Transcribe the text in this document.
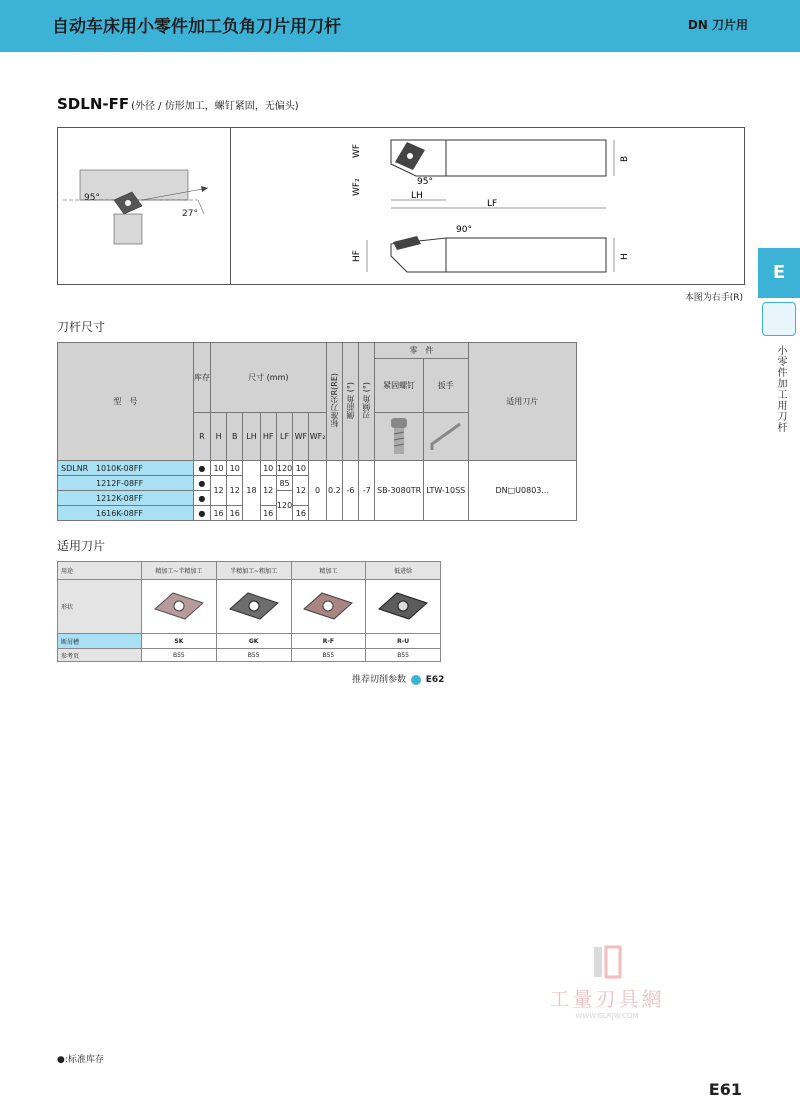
自动车床用小零件加工负角刀片用刀杆	DN 刀片用
SDLN-FF (外径 / 仿形加工，螺钉紧固，无偏头)
95°
27°
WF
WF₂	95°
LH
LF
B
HF	H
90°
本图为右手(R)
E
小零件加工用刀杆
刀杆尺寸
型　号	库存	尺寸 (mm)							标准刀尖R(RE)	侧前角 (°)	刃倾角 (°)	零　件		适用刀片
												紧固螺钉	扳手	
	R	H	B	LH	HF	LF	WF	WF₂		
SDLNR 1010K-08FF	●	10	10	18	10	120	10	0	0.2	-6	-7	SB-3080TR	LTW-10SS	DN□U0803...
1212F-08FF	●	12	12		12	85	12							
1212K-08FF	●					120								
1616K-08FF	●	16	16		16		16							
适用刀片
用途	精加工~半精加工	半精加工~粗加工	精加工	低进给
形状				
断屑槽	SK	GK	R-F	R-U
参考页	B55	B55	B55	B55
推荐切削参数 E62
工量刃具網
WWW.GLRJW.COM
●:标准库存
E61
